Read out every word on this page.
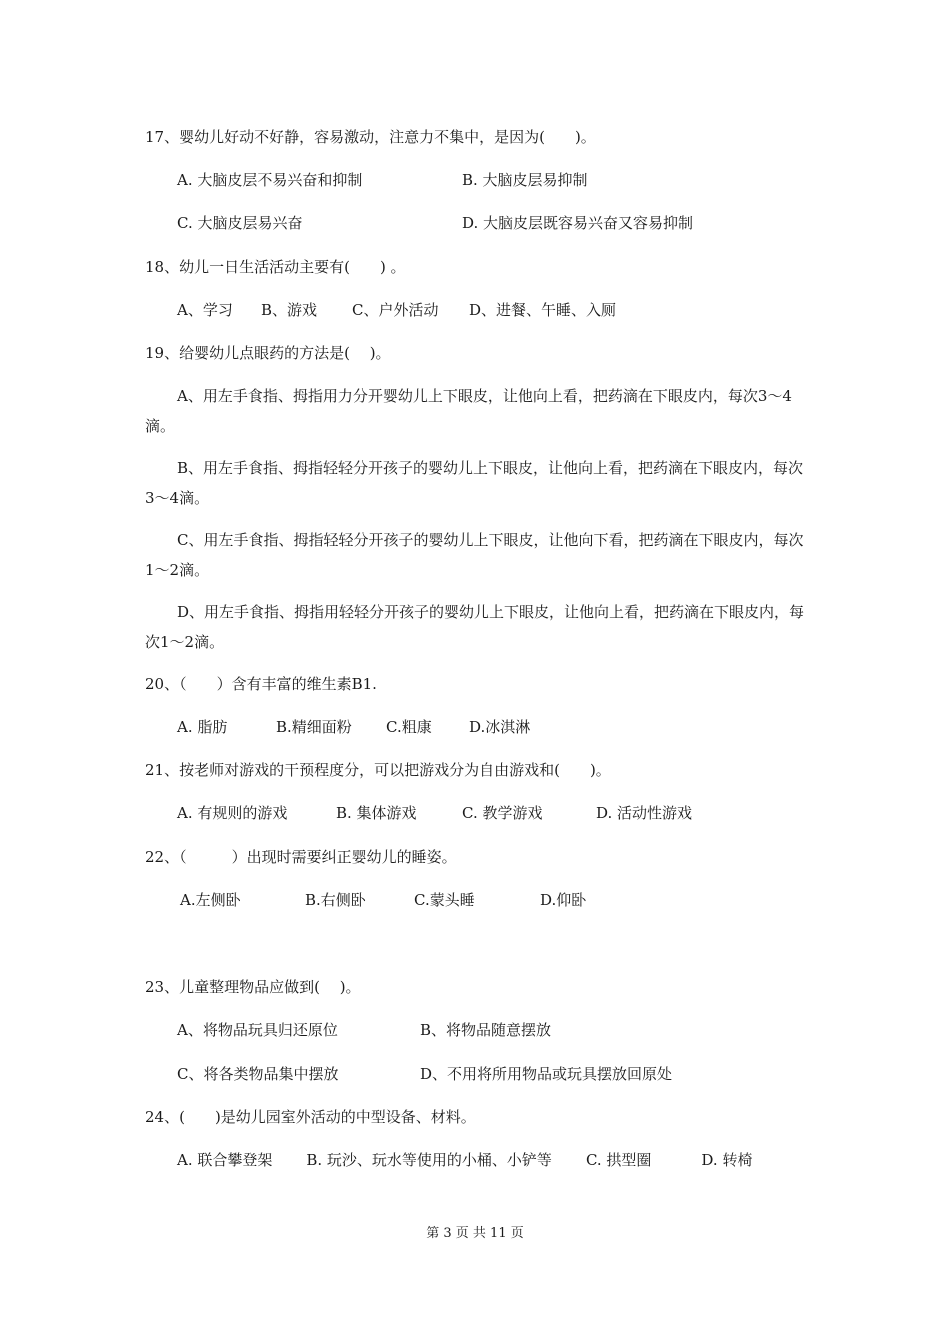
17、婴幼儿好动不好静，容易激动，注意力不集中，是因为(　　)。
A. 大脑皮层不易兴奋和抑制	B. 大脑皮层易抑制
C. 大脑皮层易兴奋	D. 大脑皮层既容易兴奋又容易抑制
18、幼儿一日生活活动主要有(　　) 。
A、学习 B、游戏 C、户外活动 D、进餐、午睡、入厕
19、给婴幼儿点眼药的方法是(　 )。
A、用左手食指、拇指用力分开婴幼儿上下眼皮，让他向上看，把药滴在下眼皮内，每次3～4滴。
B、用左手食指、拇指轻轻分开孩子的婴幼儿上下眼皮，让他向上看，把药滴在下眼皮内，每次3～4滴。
C、用左手食指、拇指轻轻分开孩子的婴幼儿上下眼皮，让他向下看，把药滴在下眼皮内，每次1～2滴。
D、用左手食指、拇指用轻轻分开孩子的婴幼儿上下眼皮，让他向上看，把药滴在下眼皮内，每次1～2滴。
20、（　　）含有丰富的维生素B1.
A. 脂肪	B.精细面粉 C.粗康 D.冰淇淋
21、按老师对游戏的干预程度分，可以把游戏分为自由游戏和(　　)。
A. 有规则的游戏	B. 集体游戏	C. 教学游戏	D. 活动性游戏
22、（　　　）出现时需要纠正婴幼儿的睡姿。
A.左侧卧	B.右侧卧	C.蒙头睡	D.仰卧
23、儿童整理物品应做到(　 )。
A、将物品玩具归还原位	B、将物品随意摆放
C、将各类物品集中摆放	D、不用将所用物品或玩具摆放回原处
24、(　　)是幼儿园室外活动的中型设备、材料。
A. 联合攀登架 B. 玩沙、玩水等使用的小桶、小铲等 C. 拱型圈	D. 转椅
第 3 页 共 11 页
